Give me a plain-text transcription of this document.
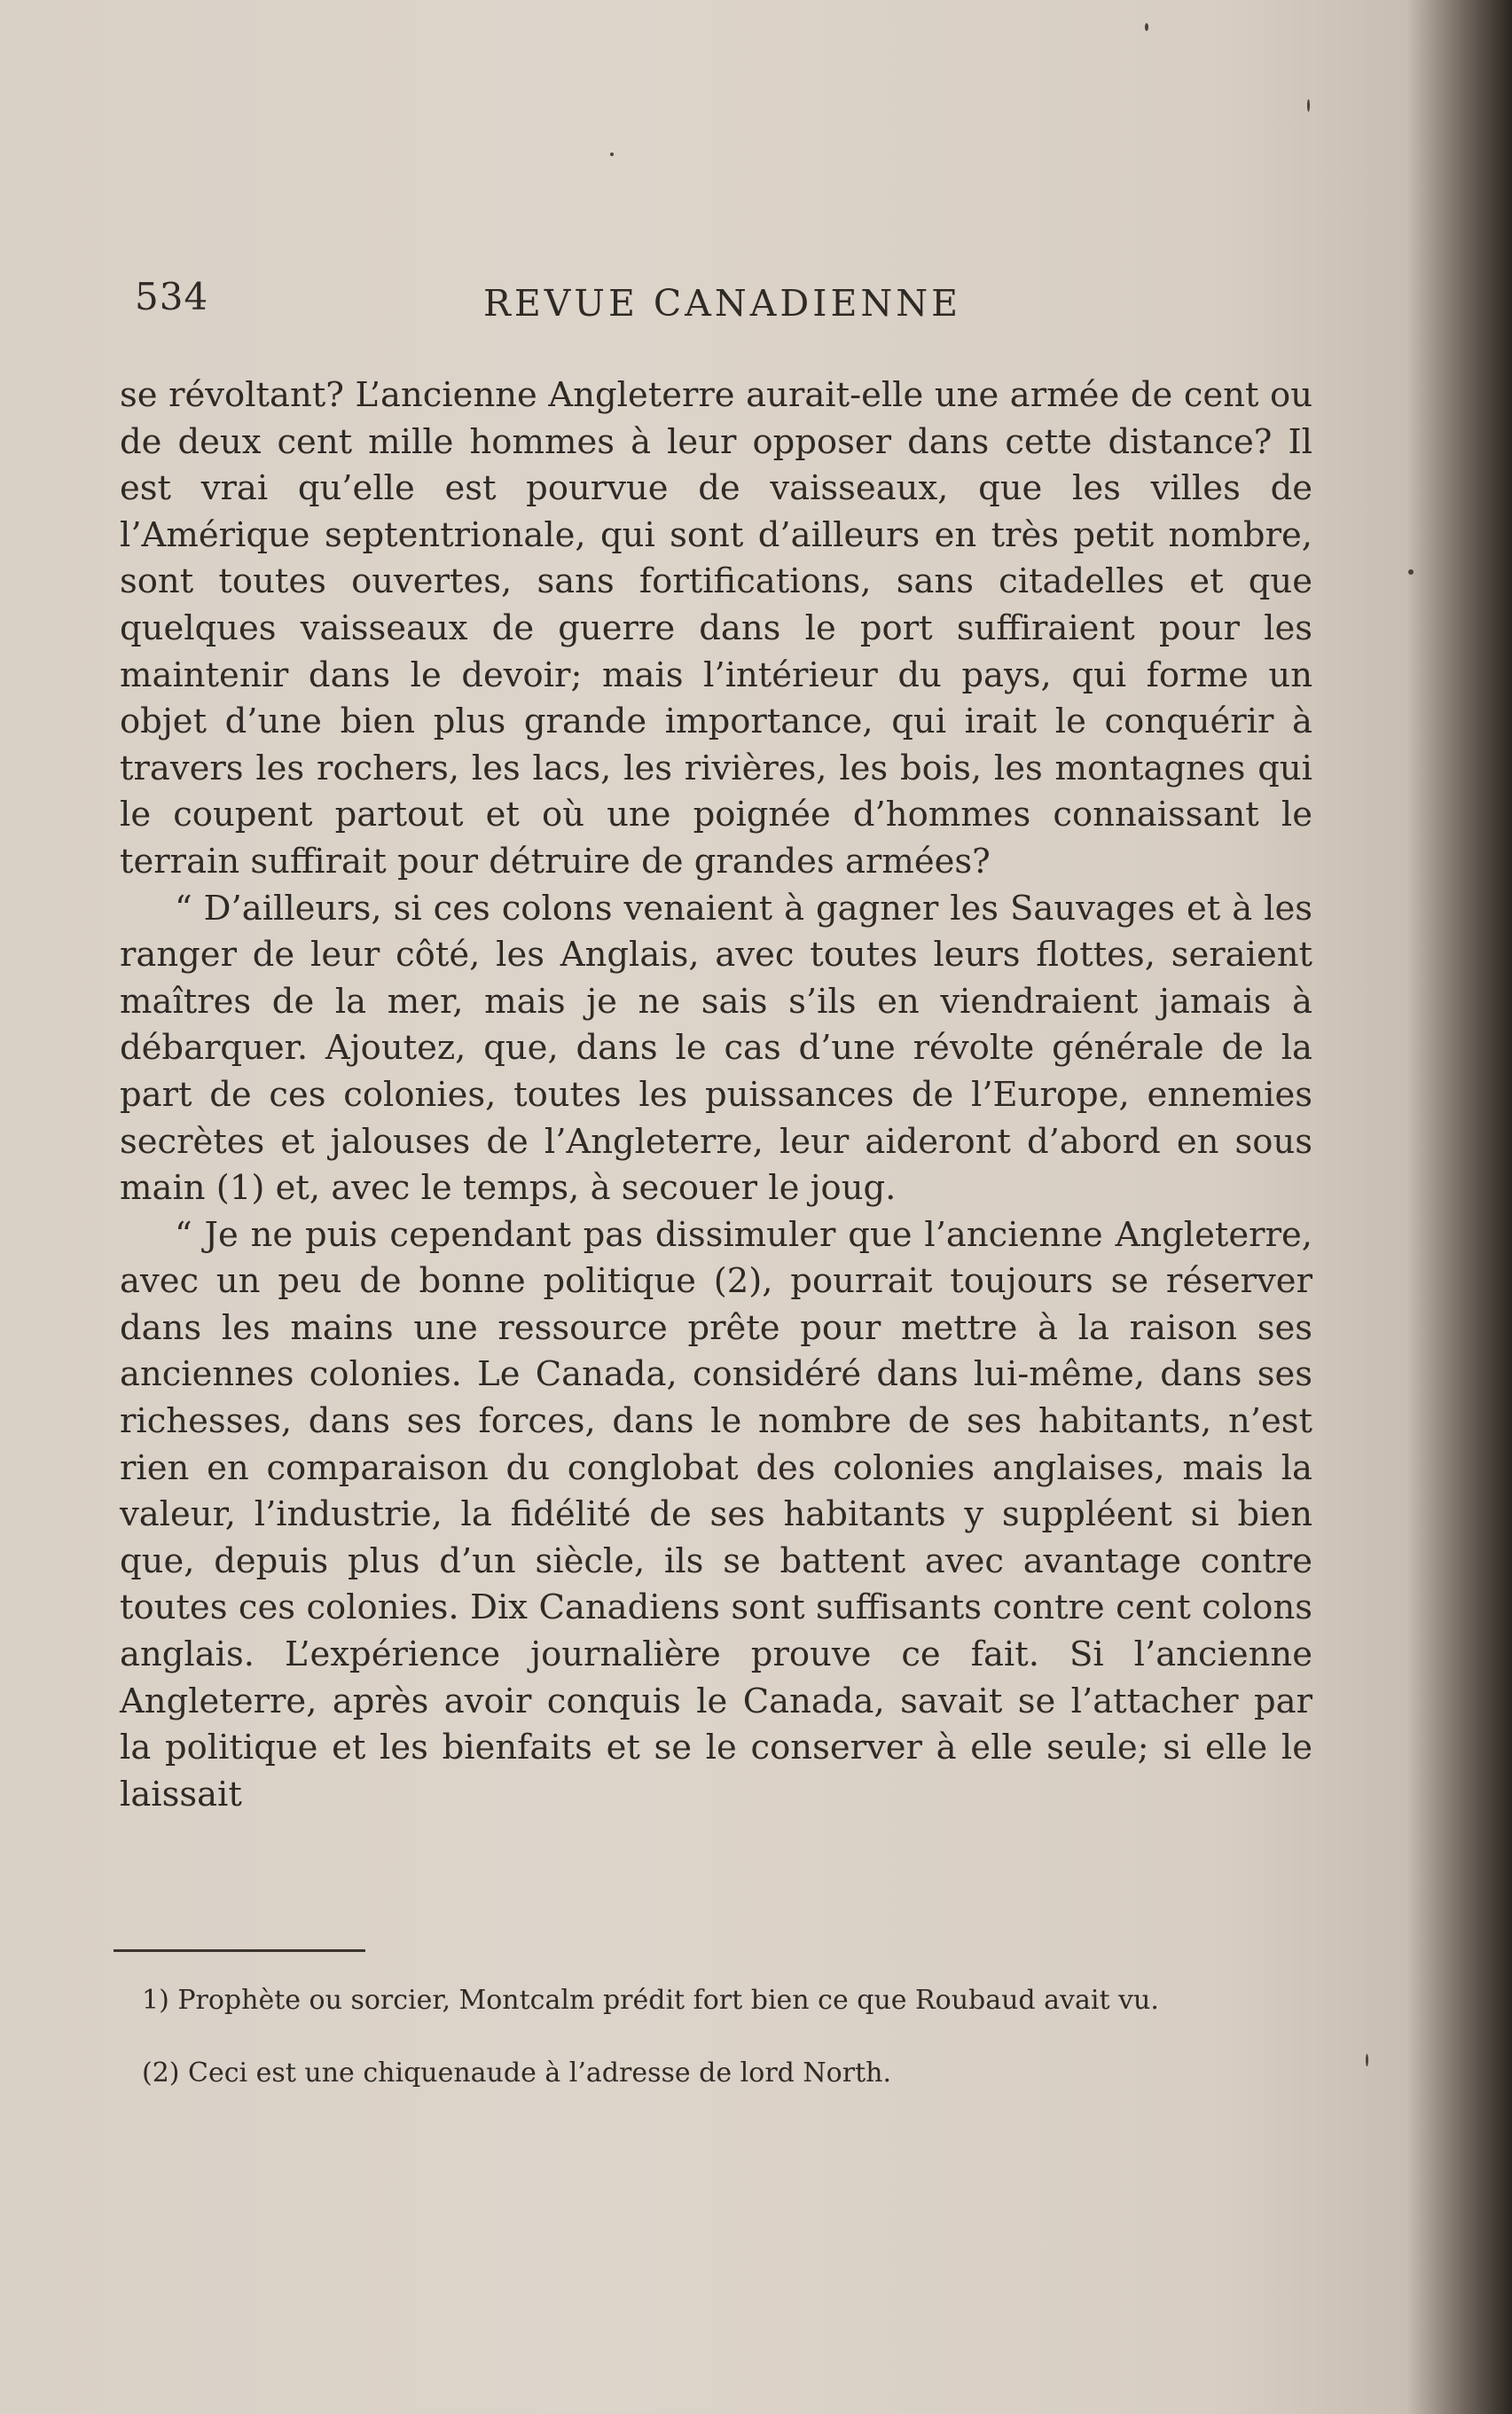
534	REVUE CANADIENNE

se révoltant? L’ancienne Angleterre aurait-elle une armée de cent ou de deux cent mille hommes à leur opposer dans cette distance? Il est vrai qu’elle est pourvue de vaisseaux, que les villes de l’Amérique septentrionale, qui sont d’ailleurs en très petit nombre, sont toutes ouvertes, sans fortifications, sans citadelles et que quelques vaisseaux de guerre dans le port suffiraient pour les maintenir dans le devoir; mais l’intérieur du pays, qui forme un objet d’une bien plus grande importance, qui irait le conquérir à travers les rochers, les lacs, les rivières, les bois, les montagnes qui le coupent partout et où une poignée d’hommes connaissant le terrain suffirait pour détruire de grandes armées?

“ D’ailleurs, si ces colons venaient à gagner les Sauvages et à les ranger de leur côté, les Anglais, avec toutes leurs flottes, seraient maîtres de la mer, mais je ne sais s’ils en viendraient jamais à débarquer. Ajoutez, que, dans le cas d’une révolte générale de la part de ces colonies, toutes les puissances de l’Europe, ennemies secrètes et jalouses de l’Angleterre, leur aideront d’abord en sous main (1) et, avec le temps, à secouer le joug.

“ Je ne puis cependant pas dissimuler que l’ancienne Angleterre, avec un peu de bonne politique (2), pourrait toujours se réserver dans les mains une ressource prête pour mettre à la raison ses anciennes colonies. Le Canada, considéré dans lui-même, dans ses richesses, dans ses forces, dans le nombre de ses habitants, n’est rien en comparaison du conglobat des colonies anglaises, mais la valeur, l’industrie, la fidélité de ses habitants y suppléent si bien que, depuis plus d’un siècle, ils se battent avec avantage contre toutes ces colonies. Dix Canadiens sont suffisants contre cent colons anglais. L’expérience journalière prouve ce fait. Si l’ancienne Angleterre, après avoir conquis le Canada, savait se l’attacher par la politique et les bienfaits et se le conserver à elle seule; si elle le laissait

1) Prophète ou sorcier, Montcalm prédit fort bien ce que Roubaud avait vu.

(2) Ceci est une chiquenaude à l’adresse de lord North.
